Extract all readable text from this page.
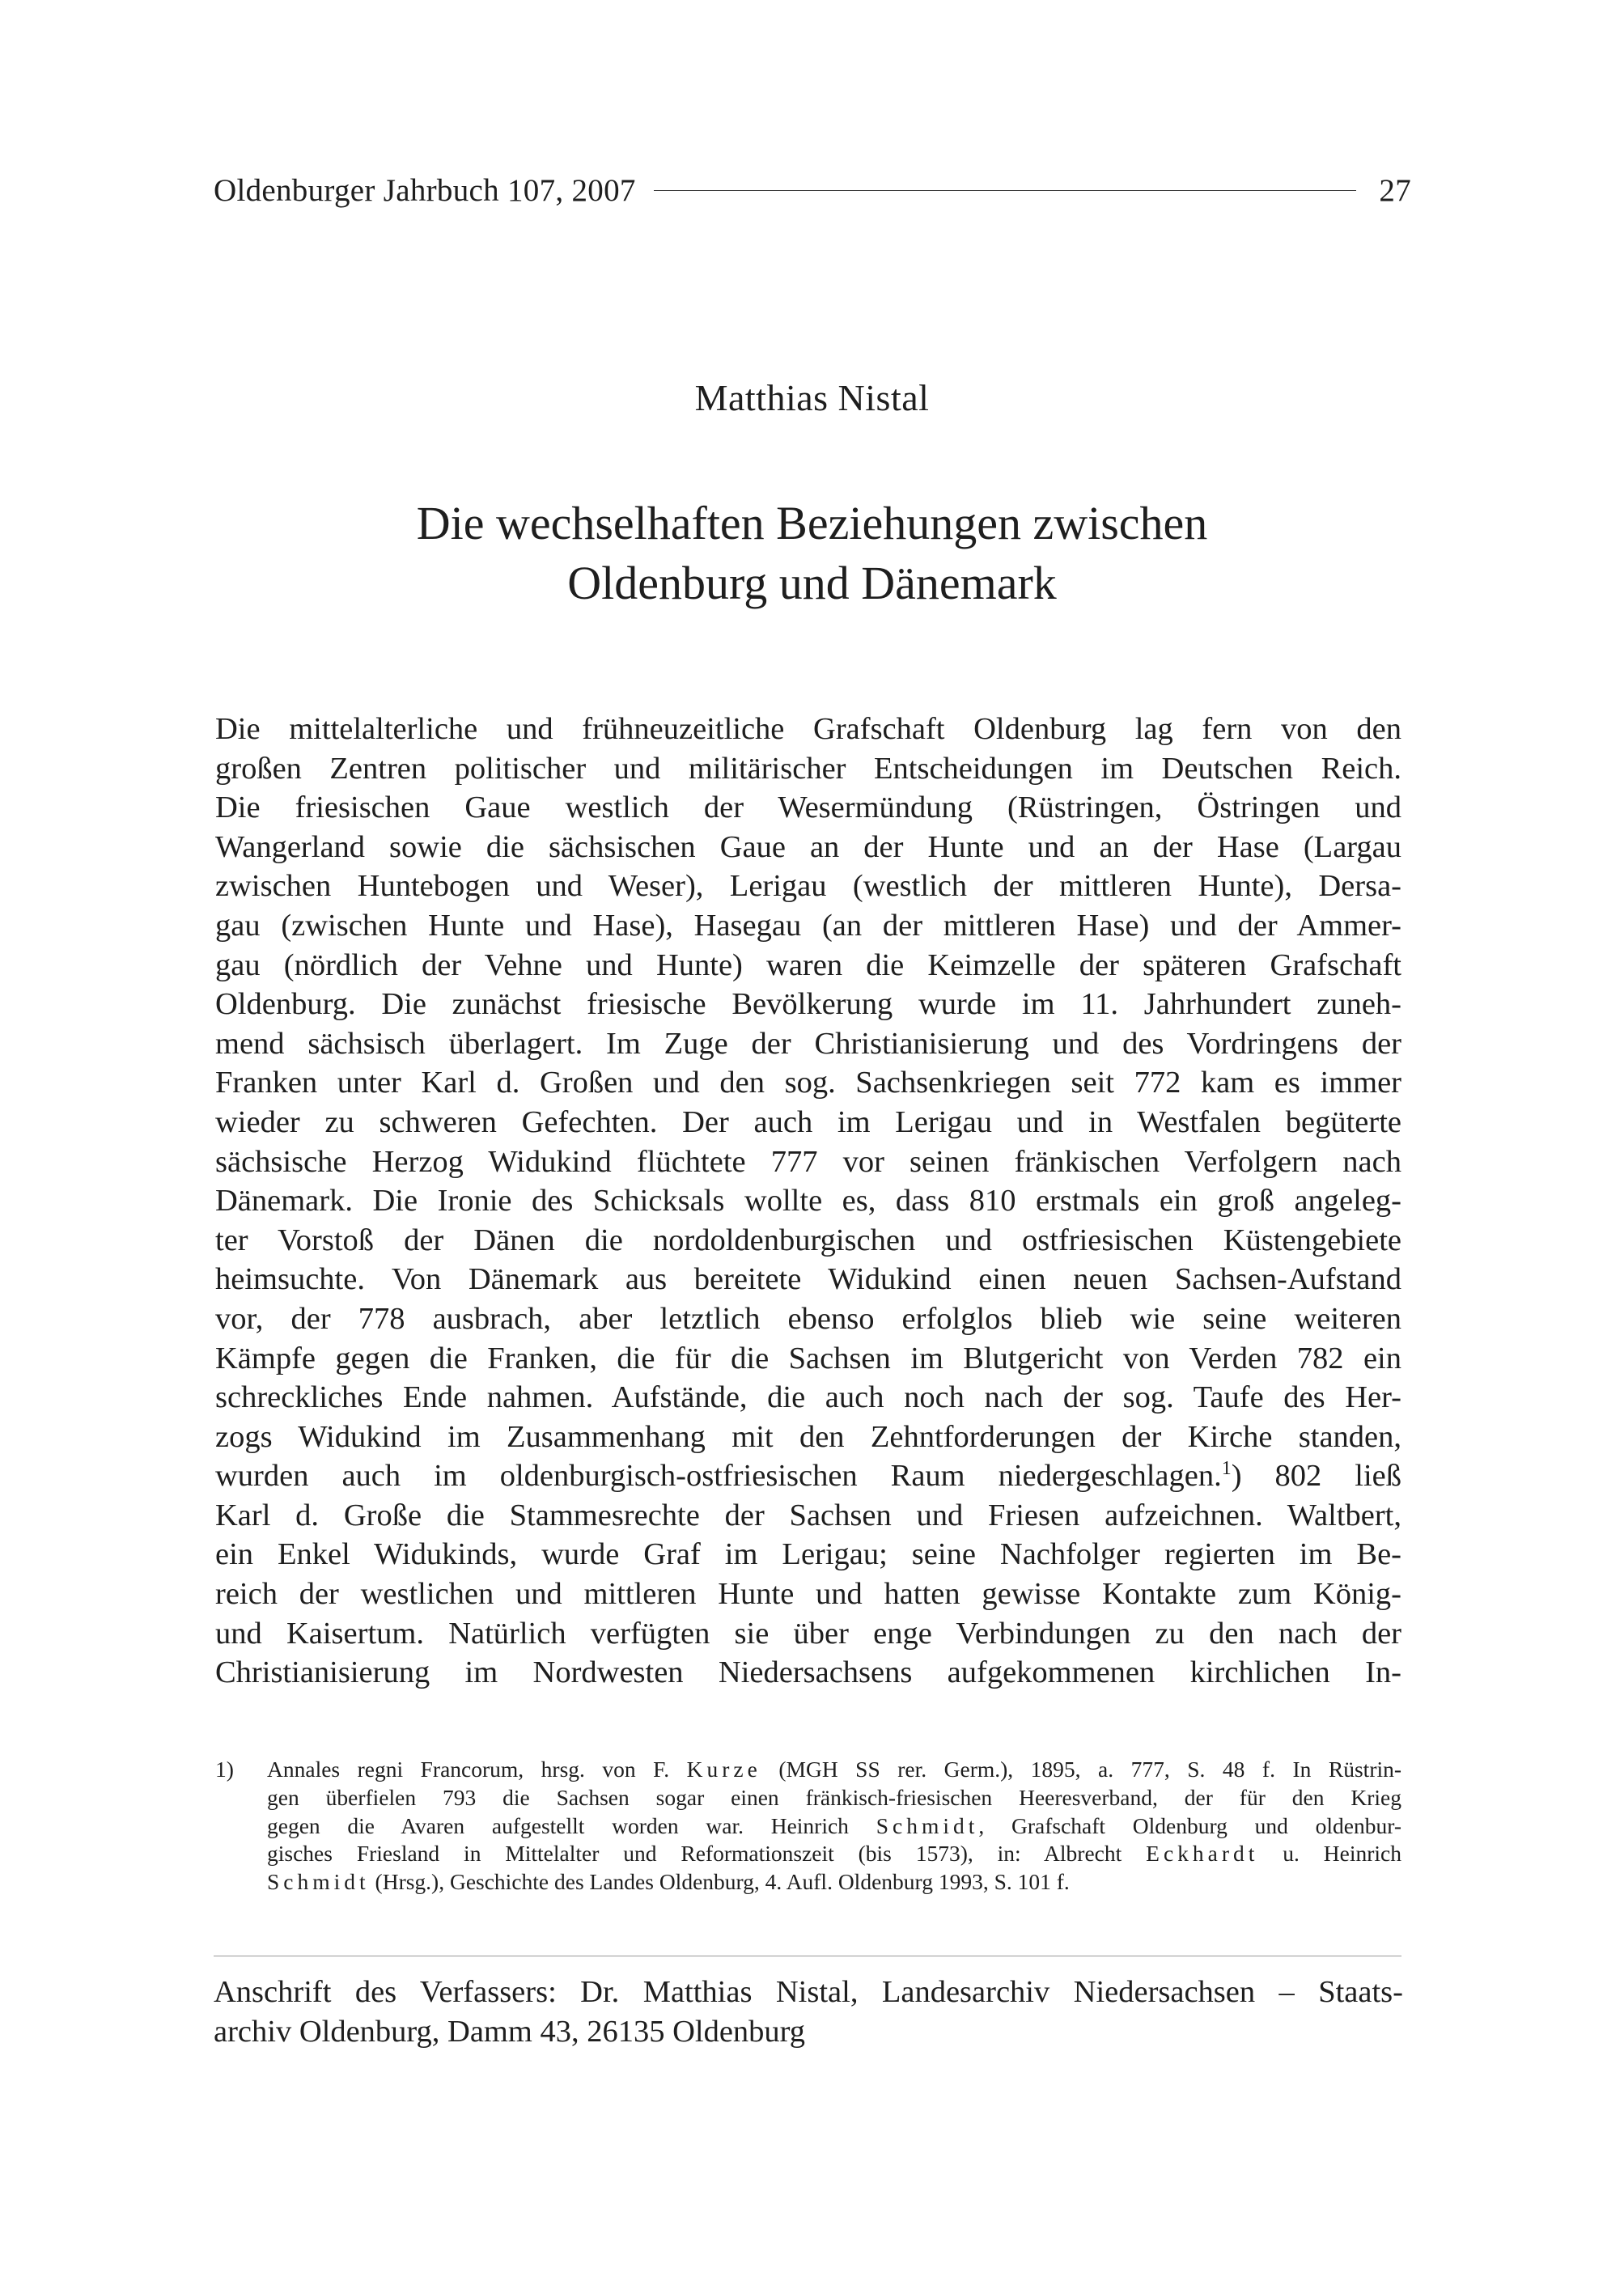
Oldenburger Jahrbuch 107, 2007	27
Matthias Nistal
Die wechselhaften Beziehungen zwischen
Oldenburg und Dänemark
Die mittelalterliche und frühneuzeitliche Grafschaft Oldenburg lag fern von den
großen Zentren politischer und militärischer Entscheidungen im Deutschen Reich.
Die friesischen Gaue westlich der Wesermündung (Rüstringen, Östringen und
Wangerland sowie die sächsischen Gaue an der Hunte und an der Hase (Largau
zwischen Huntebogen und Weser), Lerigau (westlich der mittleren Hunte), Dersa-
gau (zwischen Hunte und Hase), Hasegau (an der mittleren Hase) und der Ammer-
gau (nördlich der Vehne und Hunte) waren die Keimzelle der späteren Grafschaft
Oldenburg. Die zunächst friesische Bevölkerung wurde im 11. Jahrhundert zuneh-
mend sächsisch überlagert. Im Zuge der Christianisierung und des Vordringens der
Franken unter Karl d. Großen und den sog. Sachsenkriegen seit 772 kam es immer
wieder zu schweren Gefechten. Der auch im Lerigau und in Westfalen begüterte
sächsische Herzog Widukind flüchtete 777 vor seinen fränkischen Verfolgern nach
Dänemark. Die Ironie des Schicksals wollte es, dass 810 erstmals ein groß angeleg-
ter Vorstoß der Dänen die nordoldenburgischen und ostfriesischen Küstengebiete
heimsuchte. Von Dänemark aus bereitete Widukind einen neuen Sachsen-Aufstand
vor, der 778 ausbrach, aber letztlich ebenso erfolglos blieb wie seine weiteren
Kämpfe gegen die Franken, die für die Sachsen im Blutgericht von Verden 782 ein
schreckliches Ende nahmen. Aufstände, die auch noch nach der sog. Taufe des Her-
zogs Widukind im Zusammenhang mit den Zehntforderungen der Kirche standen,
wurden auch im oldenburgisch-ostfriesischen Raum niedergeschlagen.$^1$) 802 ließ
Karl d. Große die Stammesrechte der Sachsen und Friesen aufzeichnen. Waltbert,
ein Enkel Widukinds, wurde Graf im Lerigau; seine Nachfolger regierten im Be-
reich der westlichen und mittleren Hunte und hatten gewisse Kontakte zum König-
und Kaisertum. Natürlich verfügten sie über enge Verbindungen zu den nach der
Christianisierung im Nordwesten Niedersachsens aufgekommenen kirchlichen In-
1)	Annales regni Francorum, hrsg. von F. Kurze (MGH SS rer. Germ.), 1895, a. 777, S. 48 f. In Rüstrin-
gen überfielen 793 die Sachsen sogar einen fränkisch-friesischen Heeresverband, der für den Krieg
gegen die Avaren aufgestellt worden war. Heinrich Schmidt, Grafschaft Oldenburg und oldenbur-
gisches Friesland in Mittelalter und Reformationszeit (bis 1573), in: Albrecht Eckhardt u. Heinrich
Schmidt (Hrsg.), Geschichte des Landes Oldenburg, 4. Aufl. Oldenburg 1993, S. 101 f.
Anschrift des Verfassers: Dr. Matthias Nistal, Landesarchiv Niedersachsen – Staats-
archiv Oldenburg, Damm 43, 26135 Oldenburg
